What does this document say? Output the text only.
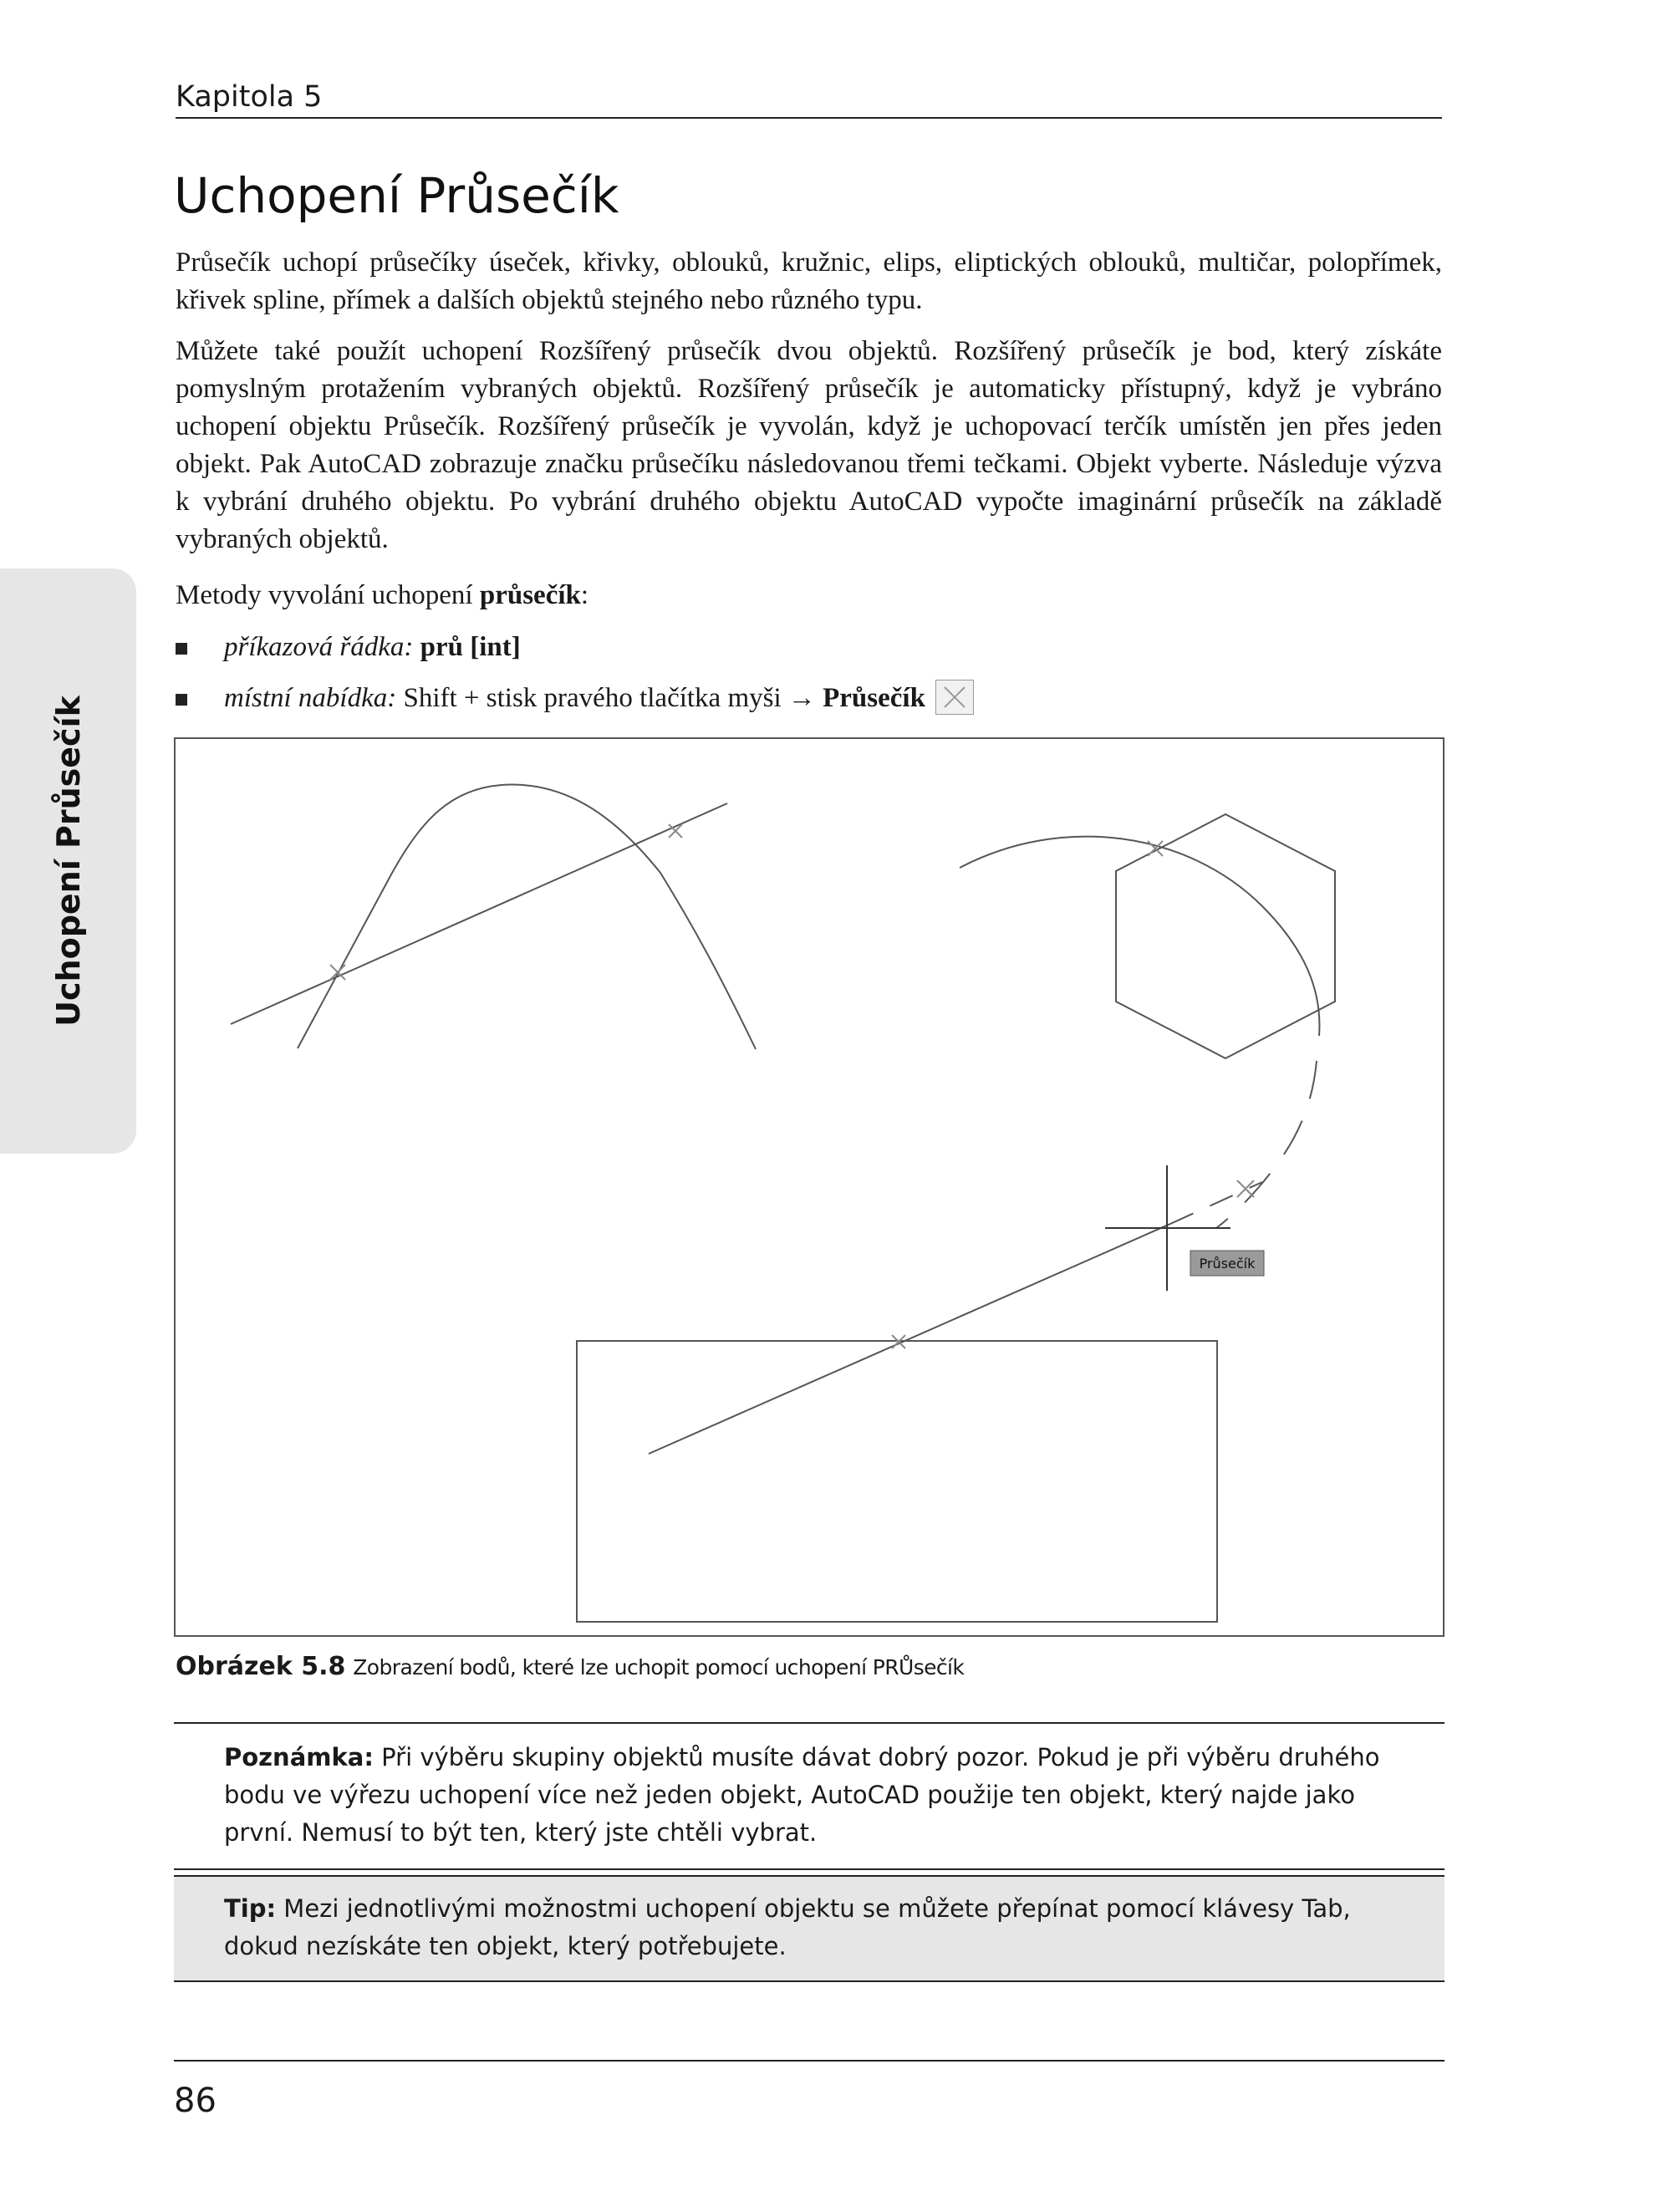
Kapitola 5
Uchopení Průsečík
Uchopení Průsečík

Průsečík uchopí průsečíky úseček, křivky, oblouků, kružnic, elips, eliptických oblouků, multičar, polopřímek, křivek spline, přímek a dalších objektů stejného nebo různého typu.

Můžete také použít uchopení Rozšířený průsečík dvou objektů. Rozšířený průsečík je bod, který získáte pomyslným protažením vybraných objektů. Rozšířený průsečík je automaticky přístupný, když je vybráno uchopení objektu Průsečík. Rozšířený průsečík je vyvolán, když je uchopovací terčík umístěn jen přes jeden objekt. Pak AutoCAD zobrazuje značku průsečíku následovanou třemi tečkami. Objekt vyberte. Následuje výzva k vybrání druhého objektu. Po vybrání druhého objektu AutoCAD vypočte imaginární průsečík na základě vybraných objektů.

Metody vyvolání uchopení průsečík:

příkazová řádka: prů [int]
místní nabídka: Shift + stisk pravého tlačítka myši → Průsečík
Průsečík
Obrázek 5.8 Zobrazení bodů, které lze uchopit pomocí uchopení PRŮsečík
Poznámka: Při výběru skupiny objektů musíte dávat dobrý pozor. Pokud je při výběru druhého bodu ve výřezu uchopení více než jeden objekt, AutoCAD použije ten objekt, který najde jako první. Nemusí to být ten, který jste chtěli vybrat.
Tip: Mezi jednotlivými možnostmi uchopení objektu se můžete přepínat pomocí klávesy Tab, dokud nezískáte ten objekt, který potřebujete.
86
